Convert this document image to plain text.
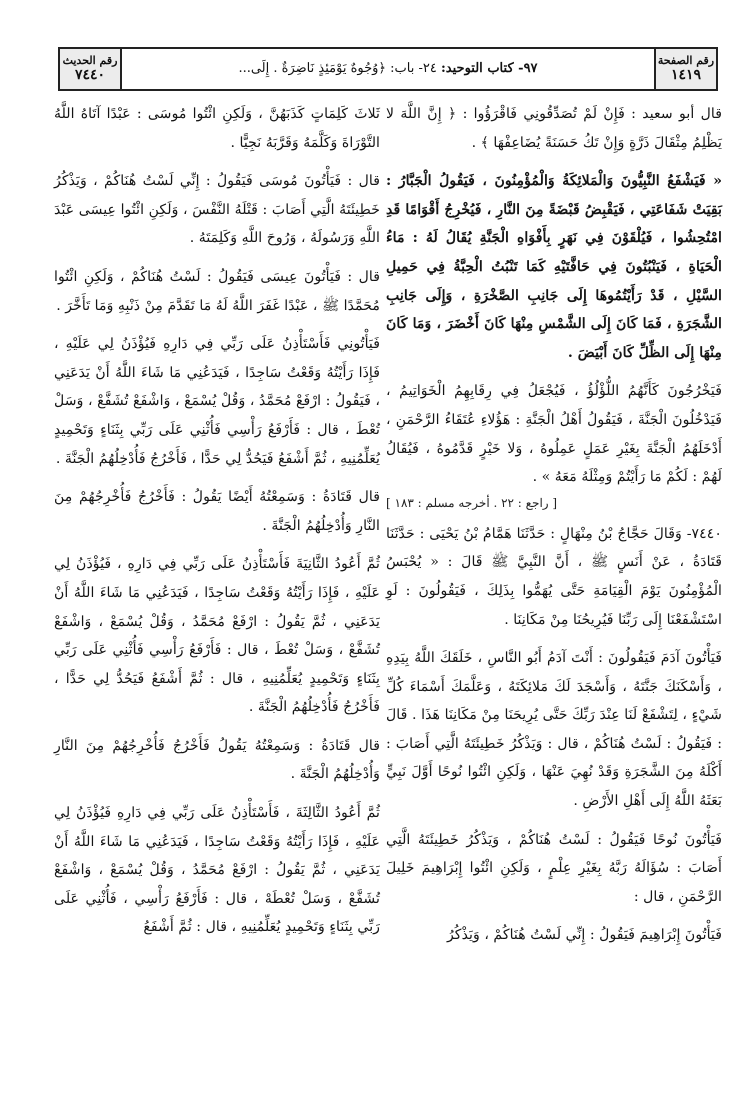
رقم الصفحة
١٤١٩
٩٧- كتاب التوحيد: ٢٤- باب: ﴿وُجُوهٌ يَوْمَئِذٍ نَاضِرَةٌ . إِلَى...
رقم الحديث
٧٤٤٠

قال أبو سعيد : فَإِنْ لَمْ تُصَدِّقُونِي فَاقْرَؤُوا : ﴿ إِنَّ اللَّهَ لا يَظْلِمُ مِثْقَالَ ذَرَّةٍ وَإِنْ تَكُ حَسَنَةً يُضَاعِفْهَا ﴾ .

« فَيَشْفَعُ النَّبِيُّونَ وَالْمَلائِكَةُ وَالْمُؤْمِنُونَ ، فَيَقُولُ الْجَبَّارُ : بَقِيَتْ شَفَاعَتِي ، فَيَقْبِضُ قَبْضَةً مِنَ النَّارِ ، فَيُخْرِجُ أَقْوَامًا قَدِ امْتُحِشُوا ، فَيُلْقَوْنَ فِي نَهَرٍ بِأَفْوَاهِ الْجَنَّةِ يُقَالُ لَهُ : مَاءُ الْحَيَاةِ ، فَيَنْبُتُونَ فِي حَافَّتَيْهِ كَمَا تَنْبُتُ الْحِبَّةُ فِي حَمِيلِ السَّيْلِ ، قَدْ رَأَيْتُمُوهَا إِلَى جَانِبِ الصَّخْرَةِ ، وَإِلَى جَانِبِ الشَّجَرَةِ ، فَمَا كَانَ إِلَى الشَّمْسِ مِنْهَا كَانَ أَخْضَرَ ، وَمَا كَانَ مِنْهَا إِلَى الظِّلِّ كَانَ أَبْيَضَ .

فَيَخْرُجُونَ كَأَنَّهُمُ اللُّؤْلُؤُ ، فَيُجْعَلُ فِي رِقَابِهِمُ الْخَوَاتِيمُ ، فَيَدْخُلُونَ الْجَنَّةَ ، فَيَقُولُ أَهْلُ الْجَنَّةِ : هَؤُلاءِ عُتَقَاءُ الرَّحْمَنِ ، أَدْخَلَهُمُ الْجَنَّةَ بِغَيْرِ عَمَلٍ عَمِلُوهُ ، وَلا خَيْرٍ قَدَّمُوهُ ، فَيُقَالُ لَهُمْ : لَكُمْ مَا رَأَيْتُمْ وَمِثْلَهُ مَعَهُ » .

[ راجع : ٢٢ . أخرجه مسلم : ١٨٣ ]

٧٤٤٠- وَقَالَ حَجَّاجُ بْنُ مِنْهَالٍ : حَدَّثَنَا هَمَّامُ بْنُ يَحْيَى : حَدَّثَنَا قَتَادَةُ ، عَنْ أَنَسٍ ﷺ ، أَنَّ النَّبِيَّ ﷺ قَالَ : « يُحْبَسُ الْمُؤْمِنُونَ يَوْمَ الْقِيَامَةِ حَتَّى يُهَمُّوا بِذَلِكَ ، فَيَقُولُونَ : لَوِ اسْتَشْفَعْنَا إِلَى رَبِّنَا فَيُرِيحُنَا مِنْ مَكَانِنَا .

فَيَأْتُونَ آدَمَ فَيَقُولُونَ : أَنْتَ آدَمُ أَبُو النَّاسِ ، خَلَقَكَ اللَّهُ بِيَدِهِ ، وَأَسْكَنَكَ جَنَّتَهُ ، وَأَسْجَدَ لَكَ مَلائِكَتَهُ ، وَعَلَّمَكَ أَسْمَاءَ كُلِّ شَيْءٍ ، لِتَشْفَعْ لَنَا عِنْدَ رَبِّكَ حَتَّى يُرِيحَنَا مِنْ مَكَانِنَا هَذَا . قَالَ : فَيَقُولُ : لَسْتُ هُنَاكُمْ ، قال : وَيَذْكُرُ خَطِيئَتَهُ الَّتِي أَصَابَ : أَكْلَهُ مِنَ الشَّجَرَةِ وَقَدْ نُهِيَ عَنْهَا ، وَلَكِنِ ائْتُوا نُوحًا أَوَّلَ نَبِيٍّ بَعَثَهُ اللَّهُ إِلَى أَهْلِ الأَرْضِ .

فَيَأْتُونَ نُوحًا فَيَقُولُ : لَسْتُ هُنَاكُمْ ، وَيَذْكُرُ خَطِيئَتَهُ الَّتِي أَصَابَ : سُؤَالَهُ رَبَّهُ بِغَيْرِ عِلْمٍ ، وَلَكِنِ ائْتُوا إِبْرَاهِيمَ خَلِيلَ الرَّحْمَنِ ، قال :

فَيَأْتُونَ إِبْرَاهِيمَ فَيَقُولُ : إِنِّي لَسْتُ هُنَاكُمْ ، وَيَذْكُرُ

ثَلاثَ كَلِمَاتٍ كَذَبَهُنَّ ، وَلَكِنِ ائْتُوا مُوسَى : عَبْدًا آتَاهُ اللَّهُ التَّوْرَاةَ وَكَلَّمَهُ وَقَرَّبَهُ نَجِيًّا .

قال : فَيَأْتُونَ مُوسَى فَيَقُولُ : إِنِّي لَسْتُ هُنَاكُمْ ، وَيَذْكُرُ خَطِيئَتَهُ الَّتِي أَصَابَ : قَتْلَهُ النَّفْسَ ، وَلَكِنِ ائْتُوا عِيسَى عَبْدَ اللَّهِ وَرَسُولَهُ ، وَرُوحَ اللَّهِ وَكَلِمَتَهُ .

قال : فَيَأْتُونَ عِيسَى فَيَقُولُ : لَسْتُ هُنَاكُمْ ، وَلَكِنِ ائْتُوا مُحَمَّدًا ﷺ ، عَبْدًا غَفَرَ اللَّهُ لَهُ مَا تَقَدَّمَ مِنْ ذَنْبِهِ وَمَا تَأَخَّرَ .

فَيَأْتُونِي فَأَسْتَأْذِنُ عَلَى رَبِّي فِي دَارِهِ فَيُؤْذَنُ لِي عَلَيْهِ ، فَإِذَا رَأَيْتُهُ وَقَعْتُ سَاجِدًا ، فَيَدَعُنِي مَا شَاءَ اللَّهُ أَنْ يَدَعَنِي ، فَيَقُولُ : ارْفَعْ مُحَمَّدُ ، وَقُلْ يُسْمَعْ ، وَاشْفَعْ تُشَفَّعْ ، وَسَلْ تُعْطَ ، قال : فَأَرْفَعُ رَأْسِي فَأُثْنِي عَلَى رَبِّي بِثَنَاءٍ وَتَحْمِيدٍ يُعَلِّمُنِيهِ ، ثُمَّ أَشْفَعُ فَيَحُدُّ لِي حَدًّا ، فَأَخْرُجُ فَأُدْخِلُهُمُ الْجَنَّةَ .

قال قَتَادَةُ : وَسَمِعْتُهُ أَيْضًا يَقُولُ : فَأَخْرُجُ فَأُخْرِجُهُمْ مِنَ النَّارِ وَأُدْخِلُهُمُ الْجَنَّةَ .

ثُمَّ أَعُودُ الثَّانِيَةَ فَأَسْتَأْذِنُ عَلَى رَبِّي فِي دَارِهِ ، فَيُؤْذَنُ لِي عَلَيْهِ ، فَإِذَا رَأَيْتُهُ وَقَعْتُ سَاجِدًا ، فَيَدَعُنِي مَا شَاءَ اللَّهُ أَنْ يَدَعَنِي ، ثُمَّ يَقُولُ : ارْفَعْ مُحَمَّدُ ، وَقُلْ يُسْمَعْ ، وَاشْفَعْ تُشَفَّعْ ، وَسَلْ تُعْطَ ، قال : فَأَرْفَعُ رَأْسِي فَأُثْنِي عَلَى رَبِّي بِثَنَاءٍ وَتَحْمِيدٍ يُعَلِّمُنِيهِ ، قال : ثُمَّ أَشْفَعُ فَيَحُدُّ لِي حَدًّا ، فَأَخْرُجُ فَأُدْخِلُهُمُ الْجَنَّةَ .

قال قَتَادَةُ : وَسَمِعْتُهُ يَقُولُ فَأَخْرُجُ فَأُخْرِجُهُمْ مِنَ النَّارِ وَأُدْخِلُهُمُ الْجَنَّةَ .

ثُمَّ أَعُودُ الثَّالِثَةَ ، فَأَسْتَأْذِنُ عَلَى رَبِّي فِي دَارِهِ فَيُؤْذَنُ لِي عَلَيْهِ ، فَإِذَا رَأَيْتُهُ وَقَعْتُ سَاجِدًا ، فَيَدَعُنِي مَا شَاءَ اللَّهُ أَنْ يَدَعَنِي ، ثُمَّ يَقُولُ : ارْفَعْ مُحَمَّدُ ، وَقُلْ يُسْمَعْ ، وَاشْفَعْ تُشَفَّعْ ، وَسَلْ تُعْطَهْ ، قال : فَأَرْفَعُ رَأْسِي ، فَأُثْنِي عَلَى رَبِّي بِثَنَاءٍ وَتَحْمِيدٍ يُعَلِّمُنِيهِ ، قال : ثُمَّ أَشْفَعُ
